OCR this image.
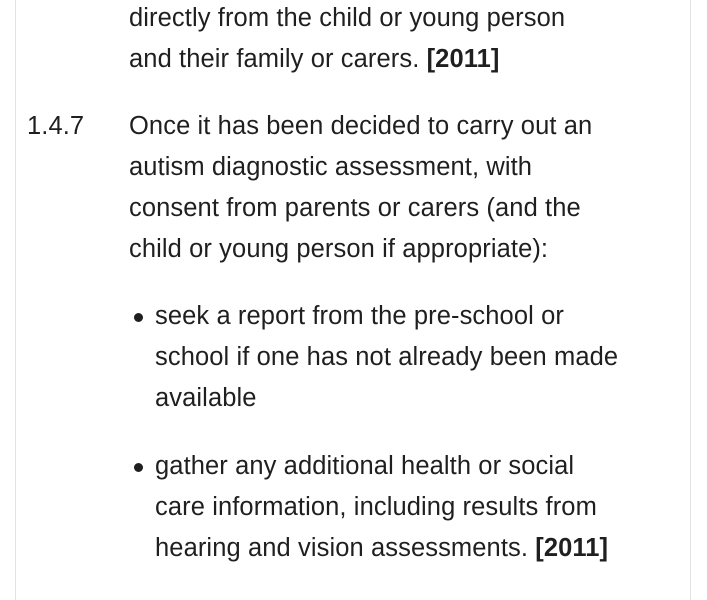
directly from the child or young person
and their family or carers. [2011]
1.4.7	Once it has been decided to carry out an
autism diagnostic assessment, with
consent from parents or carers (and the
child or young person if appropriate):
seek a report from the pre-school or
school if one has not already been made
available
gather any additional health or social
care information, including results from
hearing and vision assessments. [2011]
